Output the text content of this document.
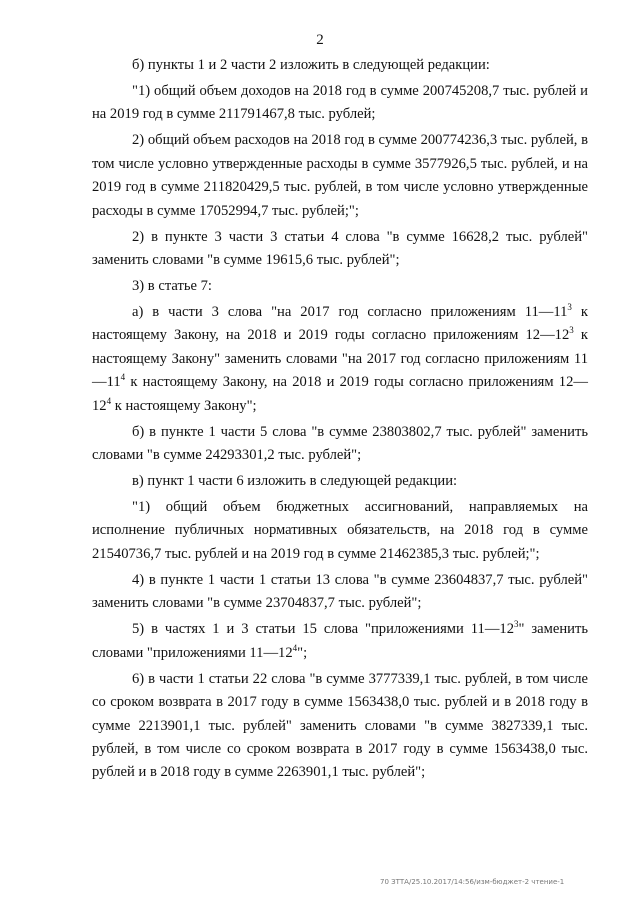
2

б) пункты 1 и 2 части 2 изложить в следующей редакции:

"1) общий объем доходов на 2018 год в сумме 200745208,7 тыс. рублей и на 2019 год в сумме 211791467,8 тыс. рублей;

2) общий объем расходов на 2018 год в сумме 200774236,3 тыс. рублей, в том числе условно утвержденные расходы в сумме 3577926,5 тыс. рублей, и на 2019 год в сумме 211820429,5 тыс. рублей, в том числе условно утвержденные расходы в сумме 17052994,7 тыс. рублей;";

2) в пункте 3 части 3 статьи 4 слова "в сумме 16628,2 тыс. рублей" заменить словами "в сумме 19615,6 тыс. рублей";

3) в статье 7:

а) в части 3 слова "на 2017 год согласно приложениям $11—11^3$ к настоящему Закону, на 2018 и 2019 годы согласно приложениям $12—12^3$ к настоящему Закону" заменить словами "на 2017 год согласно приложениям $11—11^4$ к настоящему Закону, на 2018 и 2019 годы согласно приложениям $12—12^4$ к настоящему Закону";

б) в пункте 1 части 5 слова "в сумме 23803802,7 тыс. рублей" заменить словами "в сумме 24293301,2 тыс. рублей";

в) пункт 1 части 6 изложить в следующей редакции:

"1) общий объем бюджетных ассигнований, направляемых на исполнение публичных нормативных обязательств, на 2018 год в сумме 21540736,7 тыс. рублей и на 2019 год в сумме 21462385,3 тыс. рублей;";

4) в пункте 1 части 1 статьи 13 слова "в сумме 23604837,7 тыс. рублей" заменить словами "в сумме 23704837,7 тыс. рублей";

5) в частях 1 и 3 статьи 15 слова "приложениями $11—12^3$" заменить словами "приложениями $11—12^4$";

6) в части 1 статьи 22 слова "в сумме 3777339,1 тыс. рублей, в том числе со сроком возврата в 2017 году в сумме 1563438,0 тыс. рублей и в 2018 году в сумме 2213901,1 тыс. рублей" заменить словами "в сумме 3827339,1 тыс. рублей, в том числе со сроком возврата в 2017 году в сумме 1563438,0 тыс. рублей и в 2018 году в сумме 2263901,1 тыс. рублей";

70 ЗТТА/25.10.2017/14:56/изм-бюджет-2 чтение-1
